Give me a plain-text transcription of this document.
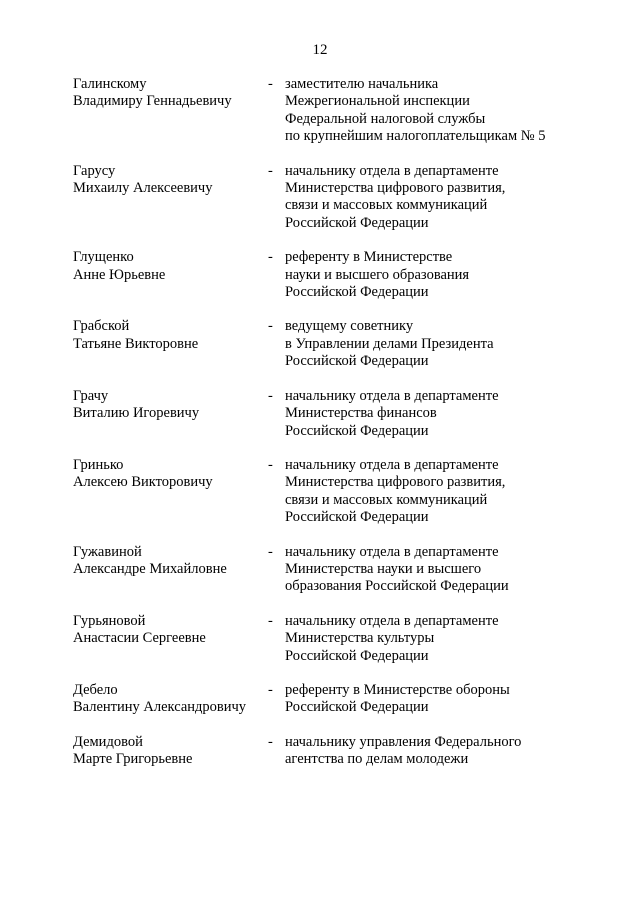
12
Галинскому
Владимиру Геннадьевичу
- заместителю начальника
Межрегиональной инспекции
Федеральной налоговой службы
по крупнейшим налогоплательщикам № 5
Гарусу
Михаилу Алексеевичу
- начальнику отдела в департаменте
Министерства цифрового развития,
связи и массовых коммуникаций
Российской Федерации
Глущенко
Анне Юрьевне
- референту в Министерстве
науки и высшего образования
Российской Федерации
Грабской
Татьяне Викторовне
- ведущему советнику
в Управлении делами Президента
Российской Федерации
Грачу
Виталию Игоревичу
- начальнику отдела в департаменте
Министерства финансов
Российской Федерации
Гринько
Алексею Викторовичу
- начальнику отдела в департаменте
Министерства цифрового развития,
связи и массовых коммуникаций
Российской Федерации
Гужавиной
Александре Михайловне
- начальнику отдела в департаменте
Министерства науки и высшего
образования Российской Федерации
Гурьяновой
Анастасии Сергеевне
- начальнику отдела в департаменте
Министерства культуры
Российской Федерации
Дебело
Валентину Александровичу
- референту в Министерстве обороны
Российской Федерации
Демидовой
Марте Григорьевне
- начальнику управления Федерального
агентства по делам молодежи
